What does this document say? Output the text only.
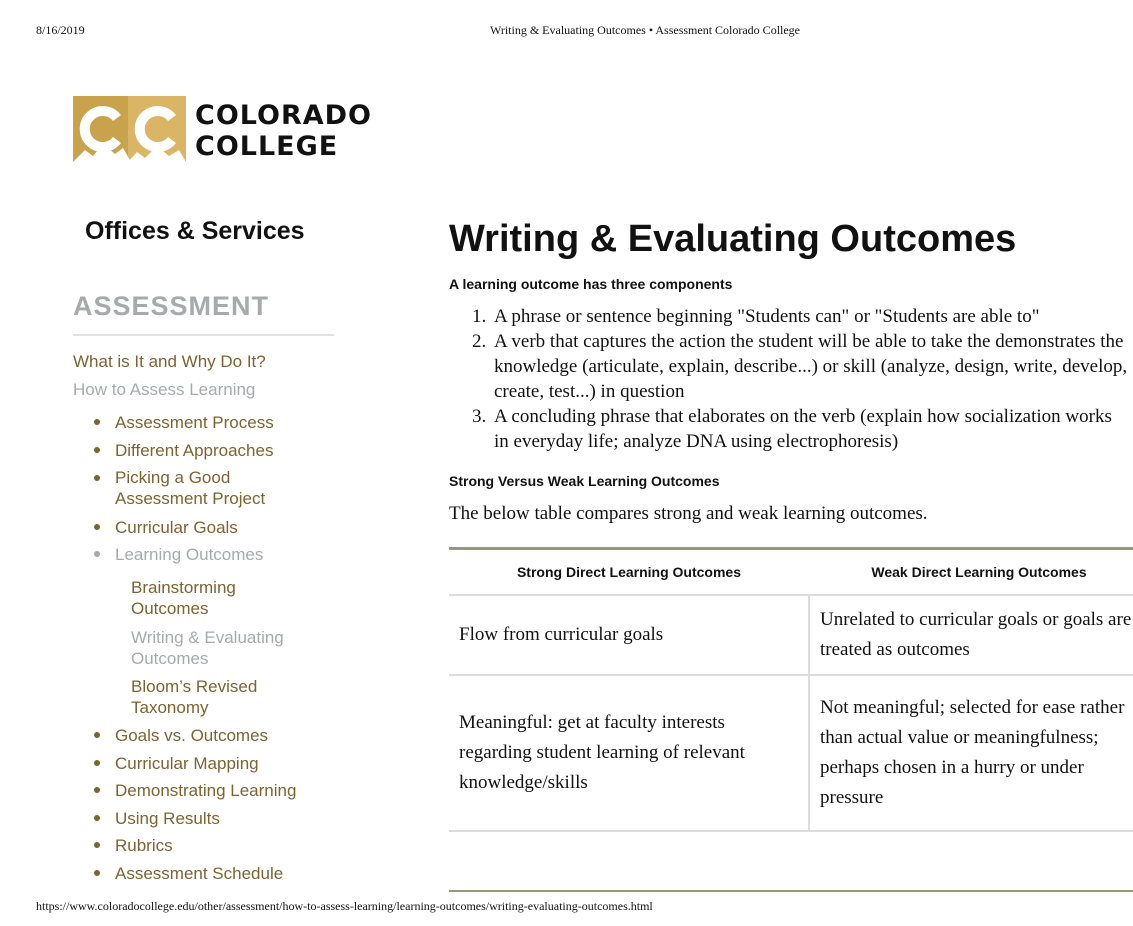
8/16/2019	Writing & Evaluating Outcomes • Assessment Colorado College
COLORADO
COLLEGE
Offices & Services
ASSESSMENT
What is It and Why Do It?
How to Assess Learning
Assessment Process
Different Approaches
Picking a Good Assessment Project
Curricular Goals
Learning Outcomes
Brainstorming Outcomes
Writing & Evaluating Outcomes
Bloom’s Revised Taxonomy
Goals vs. Outcomes
Curricular Mapping
Demonstrating Learning
Using Results
Rubrics
Assessment Schedule
Writing & Evaluating Outcomes
A learning outcome has three components
1. A phrase or sentence beginning "Students can" or "Students are able to"
2. A verb that captures the action the student will be able to take the demonstrates the knowledge (articulate, explain, describe...) or skill (analyze, design, write, develop, create, test...) in question
3. A concluding phrase that elaborates on the verb (explain how socialization works in everyday life; analyze DNA using electrophoresis)
Strong Versus Weak Learning Outcomes
The below table compares strong and weak learning outcomes.
Strong Direct Learning Outcomes	Weak Direct Learning Outcomes
Flow from curricular goals	Unrelated to curricular goals or goals are treated as outcomes
Meaningful: get at faculty interests regarding student learning of relevant knowledge/skills	Not meaningful; selected for ease rather than actual value or meaningfulness; perhaps chosen in a hurry or under pressure
https://www.coloradocollege.edu/other/assessment/how-to-assess-learning/learning-outcomes/writing-evaluating-outcomes.html
